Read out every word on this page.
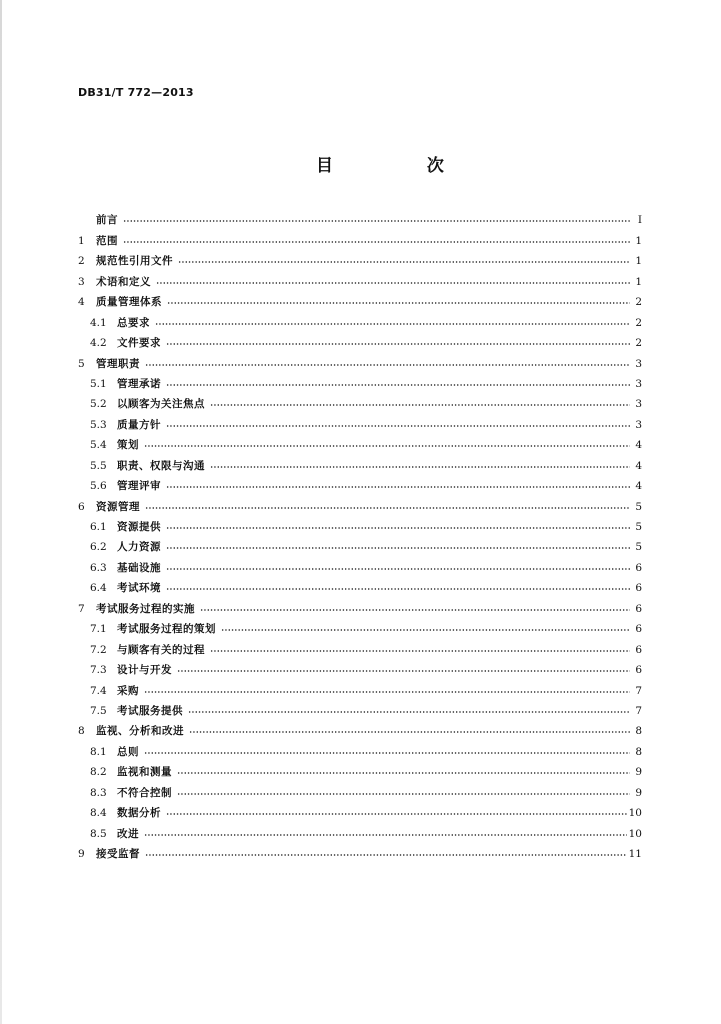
DB31/T 772—2013
目 次
前言	Ⅰ
1	范围	1
2	规范性引用文件	1
3	术语和定义	1
4	质量管理体系	2
4.1 总要求	2
4.2 文件要求	2
5	管理职责	3
5.1 管理承诺	3
5.2 以顾客为关注焦点	3
5.3 质量方针	3
5.4 策划	4
5.5 职责、权限与沟通	4
5.6 管理评审	4
6	资源管理	5
6.1 资源提供	5
6.2 人力资源	5
6.3 基础设施	6
6.4 考试环境	6
7	考试服务过程的实施	6
7.1 考试服务过程的策划	6
7.2 与顾客有关的过程	6
7.3 设计与开发	6
7.4 采购	7
7.5 考试服务提供	7
8	监视、分析和改进	8
8.1 总则	8
8.2 监视和测量	9
8.3 不符合控制	9
8.4 数据分析	10
8.5 改进	10
9	接受监督	11
